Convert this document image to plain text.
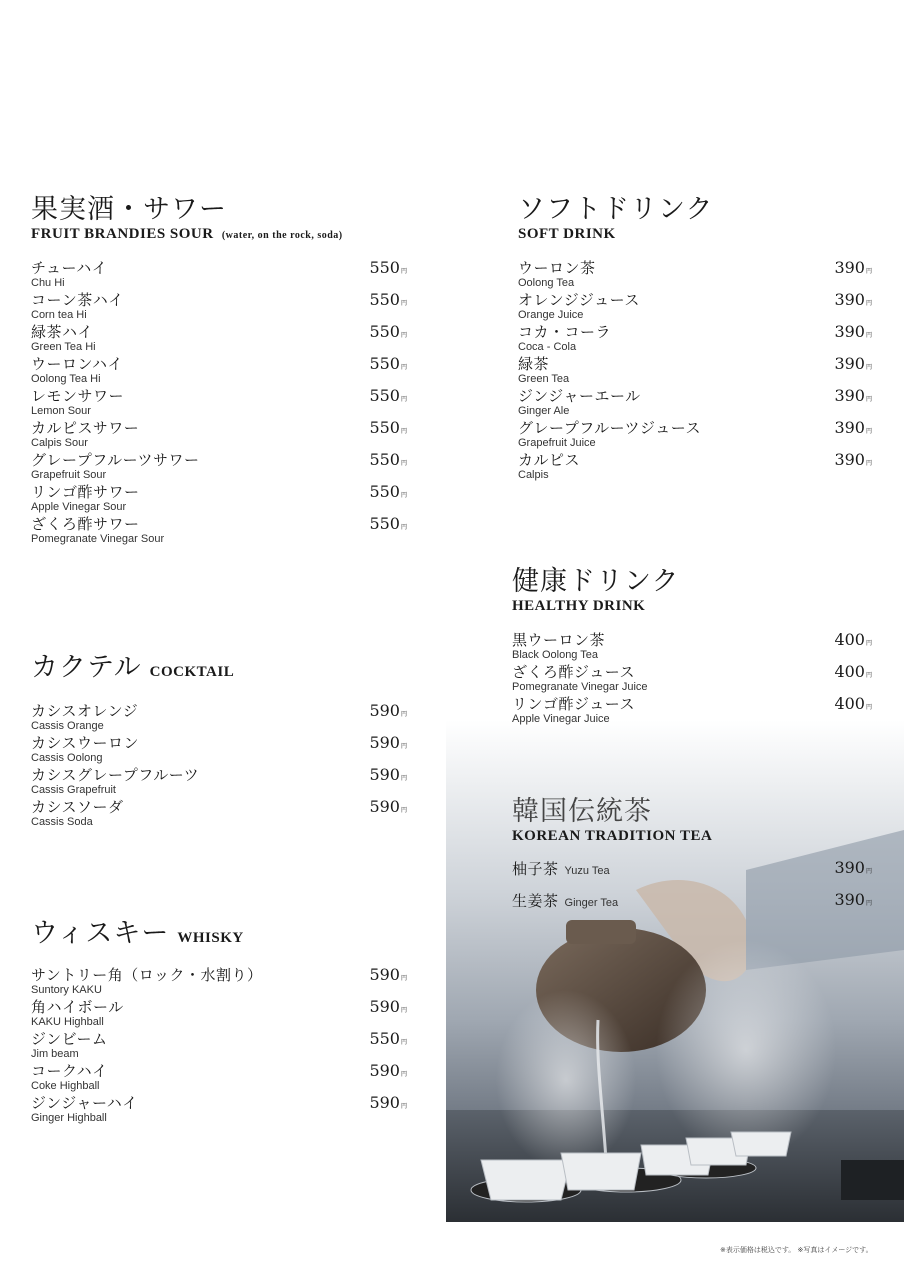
果実酒・サワー
FRUIT BRANDIES SOUR (water, on the rock, soda)
チューハイ
Chu Hi
550円
コーン茶ハイ
Corn tea Hi
550円
緑茶ハイ
Green Tea Hi
550円
ウーロンハイ
Oolong Tea Hi
550円
レモンサワー
Lemon Sour
550円
カルピスサワー
Calpis Sour
550円
グレープフルーツサワー
Grapefruit Sour
550円
リンゴ酢サワー
Apple Vinegar Sour
550円
ざくろ酢サワー
Pomegranate Vinegar Sour
550円
カクテル COCKTAIL
カシスオレンジ
Cassis Orange
590円
カシスウーロン
Cassis Oolong
590円
カシスグレープフルーツ
Cassis Grapefruit
590円
カシスソーダ
Cassis Soda
590円
ウィスキー WHISKY
サントリー角（ロック・水割り）
Suntory KAKU
590円
角ハイボール
KAKU Highball
590円
ジンビーム
Jim beam
550円
コークハイ
Coke Highball
590円
ジンジャーハイ
Ginger Highball
590円
ソフトドリンク
SOFT DRINK
ウーロン茶
Oolong Tea
390円
オレンジジュース
Orange Juice
390円
コカ・コーラ
Coca - Cola
390円
緑茶
Green Tea
390円
ジンジャーエール
Ginger Ale
390円
グレープフルーツジュース
Grapefruit Juice
390円
カルピス
Calpis
390円
健康ドリンク
HEALTHY DRINK
黒ウーロン茶
Black Oolong Tea
400円
ざくろ酢ジュース
Pomegranate Vinegar Juice
400円
リンゴ酢ジュース
Apple Vinegar Juice
400円
韓国伝統茶
KOREAN TRADITION TEA
柚子茶 Yuzu Tea	390円
生姜茶 Ginger Tea	390円
※表示価格は税込です。 ※写真はイメージです。
